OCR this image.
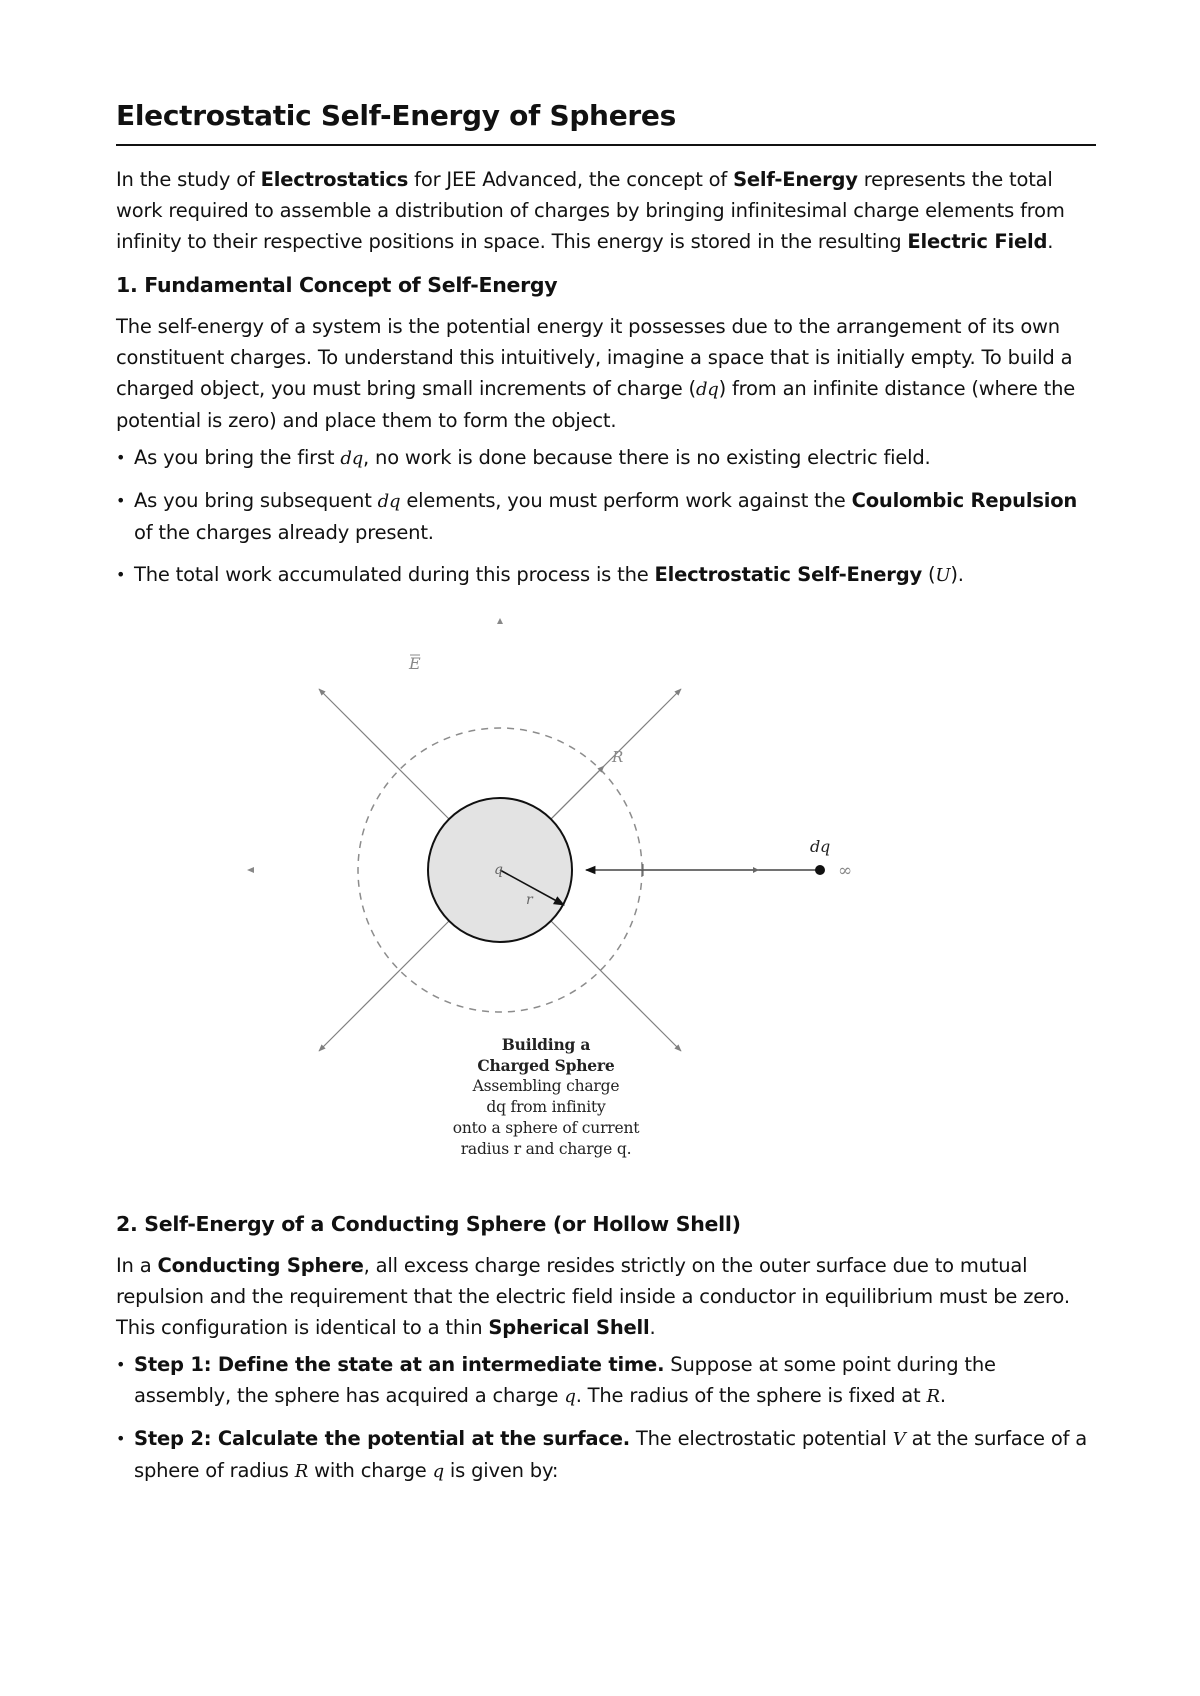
Electrostatic Self-Energy of Spheres

In the study of Electrostatics for JEE Advanced, the concept of Self-Energy represents the total work required to assemble a distribution of charges by bringing infinitesimal charge elements from infinity to their respective positions in space. This energy is stored in the resulting Electric Field.

1. Fundamental Concept of Self-Energy

The self-energy of a system is the potential energy it possesses due to the arrangement of its own constituent charges. To understand this intuitively, imagine a space that is initially empty. To build a charged object, you must bring small increments of charge (dq) from an infinite distance (where the potential is zero) and place them to form the object.

• As you bring the first dq, no work is done because there is no existing electric field.
• As you bring subsequent dq elements, you must perform work against the Coulombic Repulsion of the charges already present.
• The total work accumulated during this process is the Electrostatic Self-Energy (U).
E
R
q
r
dq
∞
Building a
Charged Sphere
Assembling charge
dq from infinity
onto a sphere of current
radius r and charge q.
2. Self-Energy of a Conducting Sphere (or Hollow Shell)

In a Conducting Sphere, all excess charge resides strictly on the outer surface due to mutual repulsion and the requirement that the electric field inside a conductor in equilibrium must be zero. This configuration is identical to a thin Spherical Shell.

• Step 1: Define the state at an intermediate time. Suppose at some point during the assembly, the sphere has acquired a charge q. The radius of the sphere is fixed at R.
• Step 2: Calculate the potential at the surface. The electrostatic potential V at the surface of a sphere of radius R with charge q is given by:
